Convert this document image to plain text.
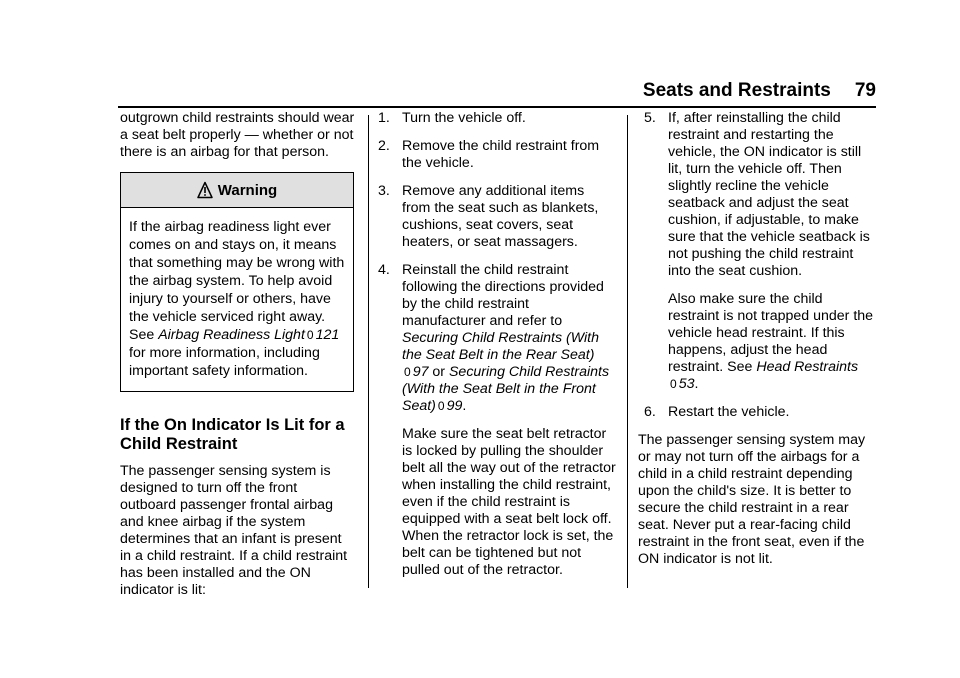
Seats and Restraints 79

outgrown child restraints should wear a seat belt properly — whether or not there is an airbag for that person.

Warning
If the airbag readiness light ever comes on and stays on, it means that something may be wrong with the airbag system. To help avoid injury to yourself or others, have the vehicle serviced right away. See Airbag Readiness Light 0 121 for more information, including important safety information.
If the On Indicator Is Lit for a Child Restraint

The passenger sensing system is designed to turn off the front outboard passenger frontal airbag and knee airbag if the system determines that an infant is present in a child restraint. If a child restraint has been installed and the ON indicator is lit:

1. Turn the vehicle off.
2. Remove the child restraint from the vehicle.
3. Remove any additional items from the seat such as blankets, cushions, seat covers, seat heaters, or seat massagers.
4. Reinstall the child restraint following the directions provided by the child restraint manufacturer and refer to Securing Child Restraints (With the Seat Belt in the Rear Seat)
0 97 or Securing Child Restraints (With the Seat Belt in the Front Seat) 0 99.

Make sure the seat belt retractor is locked by pulling the shoulder belt all the way out of the retractor when installing the child restraint, even if the child restraint is equipped with a seat belt lock off. When the retractor lock is set, the belt can be tightened but not pulled out of the retractor.

5. If, after reinstalling the child restraint and restarting the vehicle, the ON indicator is still lit, turn the vehicle off. Then slightly recline the vehicle seatback and adjust the seat cushion, if adjustable, to make sure that the vehicle seatback is not pushing the child restraint into the seat cushion.

Also make sure the child restraint is not trapped under the vehicle head restraint. If this happens, adjust the head restraint. See Head Restraints
0 53.

6. Restart the vehicle.

The passenger sensing system may or may not turn off the airbags for a child in a child restraint depending upon the child's size. It is better to secure the child restraint in a rear seat. Never put a rear-facing child restraint in the front seat, even if the ON indicator is not lit.
